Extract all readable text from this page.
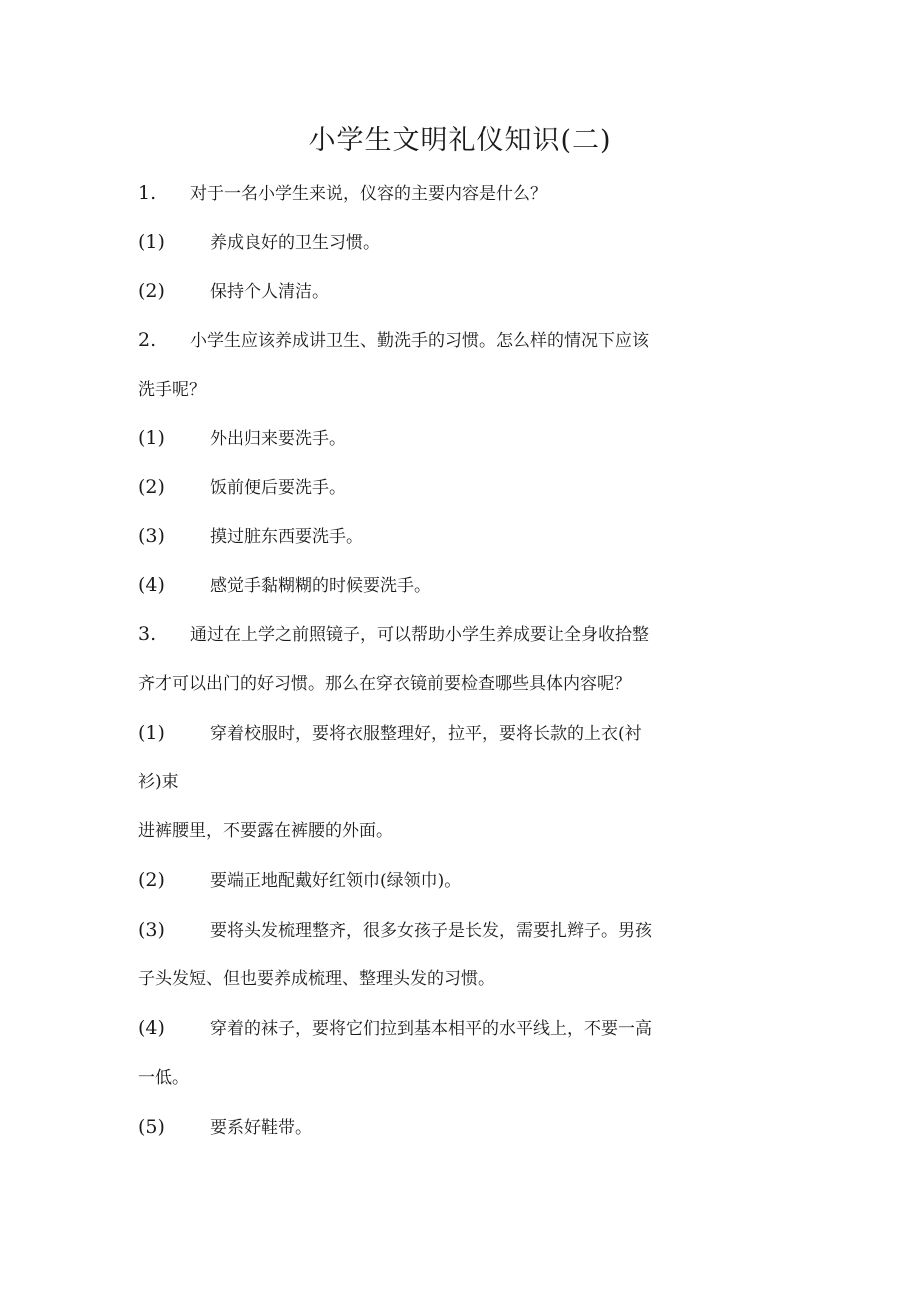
小学生文明礼仪知识(二)
1. 对于一名小学生来说，仪容的主要内容是什么？
(1)	养成良好的卫生习惯。
(2)	保持个人清洁。
2. 小学生应该养成讲卫生、勤洗手的习惯。怎么样的情况下应该
洗手呢？
(1)	外出归来要洗手。
(2)	饭前便后要洗手。
(3)	摸过脏东西要洗手。
(4)	感觉手黏糊糊的时候要洗手。
3. 通过在上学之前照镜子，可以帮助小学生养成要让全身收拾整
齐才可以出门的好习惯。那么在穿衣镜前要检查哪些具体内容呢？
(1)	穿着校服时，要将衣服整理好，拉平，要将长款的上衣(衬
衫)束
进裤腰里，不要露在裤腰的外面。
(2)	要端正地配戴好红领巾(绿领巾)。
(3)	要将头发梳理整齐，很多女孩子是长发，需要扎辫子。男孩
子头发短、但也要养成梳理、整理头发的习惯。
(4)	穿着的袜子，要将它们拉到基本相平的水平线上，不要一高
一低。
(5)	要系好鞋带。
